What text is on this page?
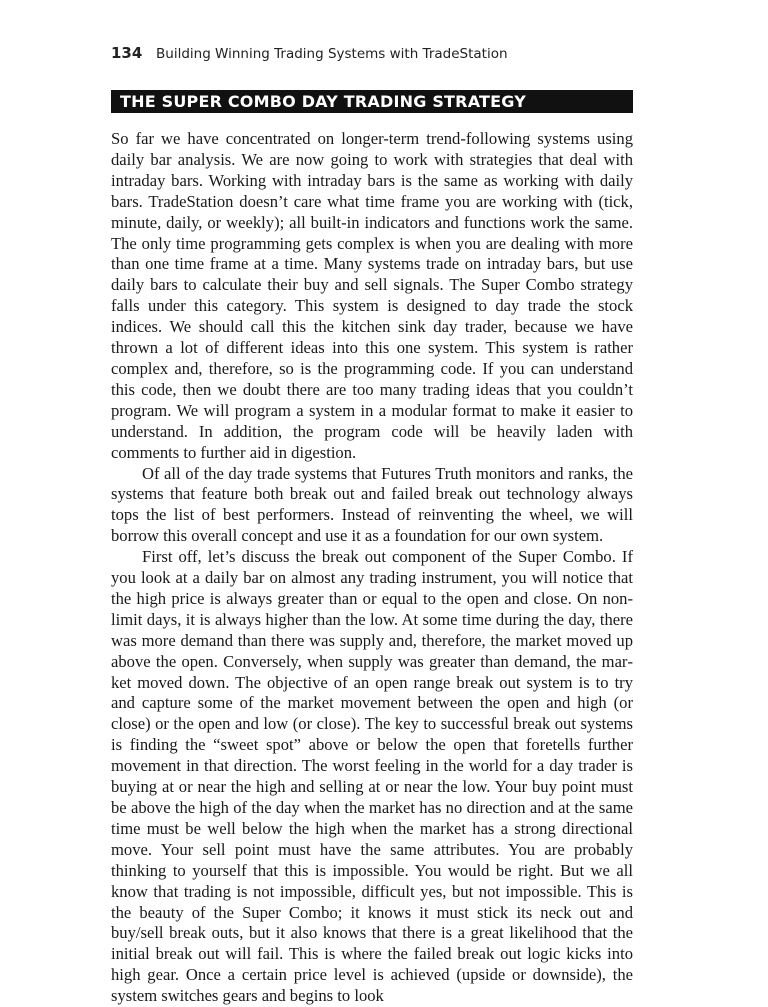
134	Building Winning Trading Systems with TradeStation
THE SUPER COMBO DAY TRADING STRATEGY

So far we have concentrated on longer-term trend-following systems using daily bar analysis. We are now going to work with strategies that deal with intraday bars. Working with intraday bars is the same as working with daily bars. TradeStation doesn’t care what time frame you are working with (tick, minute, daily, or weekly); all built-in indicators and functions work the same. The only time programming gets complex is when you are dealing with more than one time frame at a time. Many systems trade on intraday bars, but use daily bars to calculate their buy and sell signals. The Super Combo strategy falls under this category. This system is designed to day trade the stock indices. We should call this the kitchen sink day trader, because we have thrown a lot of different ideas into this one system. This system is rather complex and, therefore, so is the programming code. If you can understand this code, then we doubt there are too many trading ideas that you couldn’t program. We will program a system in a modular format to make it easier to understand. In addition, the program code will be heavily laden with comments to further aid in digestion.

Of all of the day trade systems that Futures Truth monitors and ranks, the systems that feature both break out and failed break out technology always tops the list of best performers. Instead of reinventing the wheel, we will borrow this overall concept and use it as a foundation for our own system.

First off, let’s discuss the break out component of the Super Combo. If you look at a daily bar on almost any trading instrument, you will notice that the high price is always greater than or equal to the open and close. On nonlimit days, it is always higher than the low. At some time during the day, there was more demand than there was supply and, therefore, the market moved up above the open. Conversely, when supply was greater than demand, the market moved down. The objective of an open range break out system is to try and capture some of the market movement between the open and high (or close) or the open and low (or close). The key to successful break out systems is finding the “sweet spot” above or below the open that foretells further movement in that direction. The worst feeling in the world for a day trader is buying at or near the high and selling at or near the low. Your buy point must be above the high of the day when the market has no direction and at the same time must be well below the high when the market has a strong directional move. Your sell point must have the same attributes. You are probably thinking to yourself that this is impossible. You would be right. But we all know that trading is not impossible, difficult yes, but not impossible. This is the beauty of the Super Combo; it knows it must stick its neck out and buy/sell break outs, but it also knows that there is a great likelihood that the initial break out will fail. This is where the failed break out logic kicks into high gear. Once a certain price level is achieved (upside or downside), the system switches gears and begins to look
